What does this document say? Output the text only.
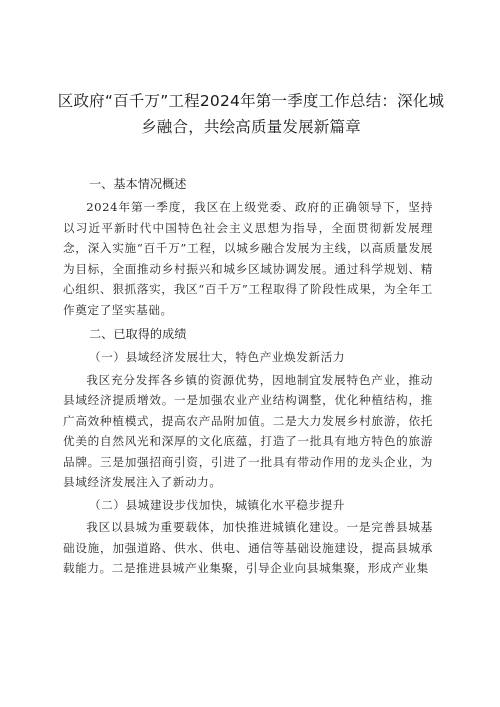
区政府“百千万”工程2024年第一季度工作总结：深化城乡融合，共绘高质量发展新篇章
一、基本情况概述

2024年第一季度，我区在上级党委、政府的正确领导下，坚持以习近平新时代中国特色社会主义思想为指导，全面贯彻新发展理念，深入实施“百千万”工程，以城乡融合发展为主线，以高质量发展为目标，全面推动乡村振兴和城乡区域协调发展。通过科学规划、精心组织、狠抓落实，我区“百千万”工程取得了阶段性成果，为全年工作奠定了坚实基础。

二、已取得的成绩
（一）县域经济发展壮大，特色产业焕发新活力

我区充分发挥各乡镇的资源优势，因地制宜发展特色产业，推动县域经济提质增效。一是加强农业产业结构调整，优化种植结构，推广高效种植模式，提高农产品附加值。二是大力发展乡村旅游，依托优美的自然风光和深厚的文化底蕴，打造了一批具有地方特色的旅游品牌。三是加强招商引资，引进了一批具有带动作用的龙头企业，为县域经济发展注入了新动力。

（二）县城建设步伐加快，城镇化水平稳步提升

我区以县城为重要载体，加快推进城镇化建设。一是完善县城基础设施，加强道路、供水、供电、通信等基础设施建设，提高县城承载能力。二是推进县城产业集聚，引导企业向县城集聚，形成产业集
